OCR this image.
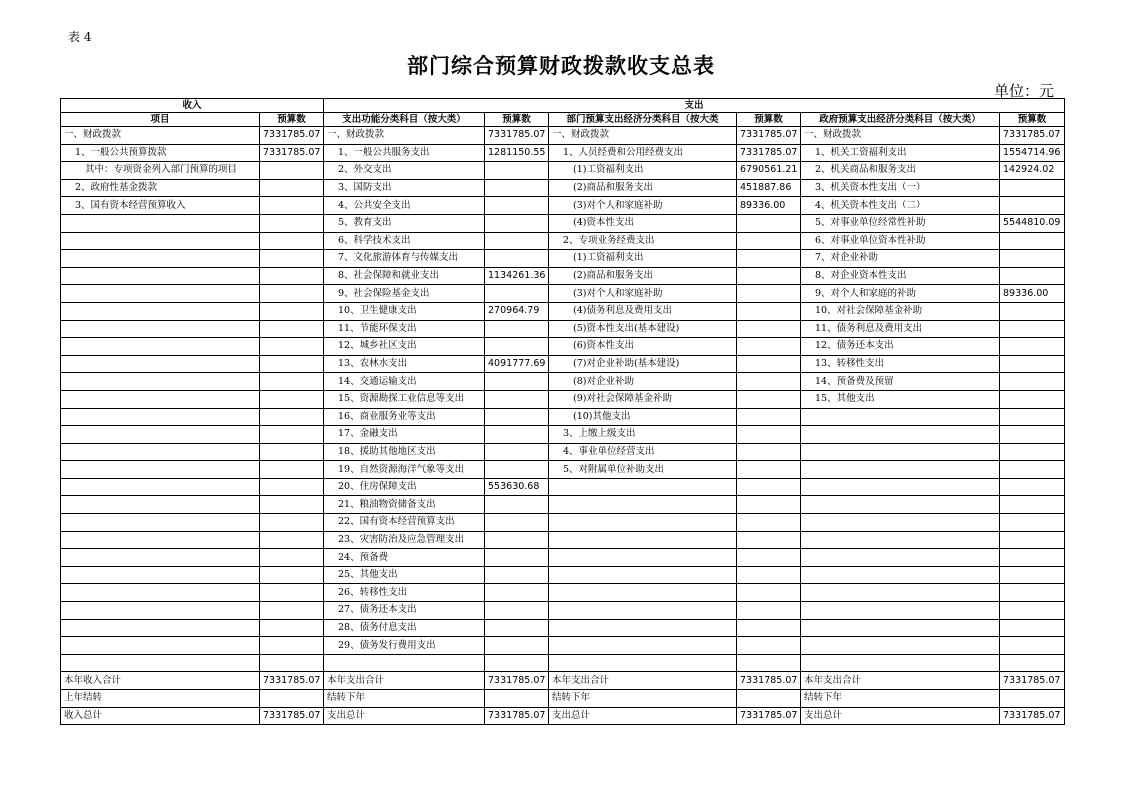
表 4
部门综合预算财政拨款收支总表
单位：元
收入		支出					
项目	预算数	支出功能分类科目（按大类）	预算数	部门预算支出经济分类科目（按大类	预算数	政府预算支出经济分类科目（按大类）	预算数
一、财政拨款	7331785.07	一、财政拨款	7331785.07	一、财政拨款	7331785.07	一、财政拨款	7331785.07
1、一般公共预算拨款	7331785.07	1、一般公共服务支出	1281150.55	1、人员经费和公用经费支出	7331785.07	1、机关工资福利支出	1554714.96
其中：专项资金列入部门预算的项目		2、外交支出		(1)工资福利支出	6790561.21	2、机关商品和服务支出	142924.02
2、政府性基金拨款		3、国防支出		(2)商品和服务支出	451887.86	3、机关资本性支出（一）	
3、国有资本经营预算收入		4、公共安全支出		(3)对个人和家庭补助	89336.00	4、机关资本性支出（二）	
		5、教育支出		(4)资本性支出		5、对事业单位经常性补助	5544810.09
		6、科学技术支出		2、专项业务经费支出		6、对事业单位资本性补助	
		7、文化旅游体育与传媒支出		(1)工资福利支出		7、对企业补助	
		8、社会保障和就业支出	1134261.36	(2)商品和服务支出		8、对企业资本性支出	
		9、社会保险基金支出		(3)对个人和家庭补助		9、对个人和家庭的补助	89336.00
		10、卫生健康支出	270964.79	(4)债务利息及费用支出		10、对社会保障基金补助	
		11、节能环保支出		(5)资本性支出(基本建设)		11、债务利息及费用支出	
		12、城乡社区支出		(6)资本性支出		12、债务还本支出	
		13、农林水支出	4091777.69	(7)对企业补助(基本建设)		13、转移性支出	
		14、交通运输支出		(8)对企业补助		14、预备费及预留	
		15、资源勘探工业信息等支出		(9)对社会保障基金补助		15、其他支出	
		16、商业服务业等支出		(10)其他支出			
		17、金融支出		3、上缴上级支出			
		18、援助其他地区支出		4、事业单位经营支出			
		19、自然资源海洋气象等支出		5、对附属单位补助支出			
		20、住房保障支出	553630.68				
		21、粮油物资储备支出					
		22、国有资本经营预算支出					
		23、灾害防治及应急管理支出					
		24、预备费					
		25、其他支出					
		26、转移性支出					
		27、债务还本支出					
		28、债务付息支出					
		29、债务发行费用支出					

本年收入合计	7331785.07	本年支出合计	7331785.07	本年支出合计	7331785.07	本年支出合计	7331785.07
上年结转		结转下年		结转下年		结转下年	
收入总计	7331785.07	支出总计	7331785.07	支出总计	7331785.07	支出总计	7331785.07
